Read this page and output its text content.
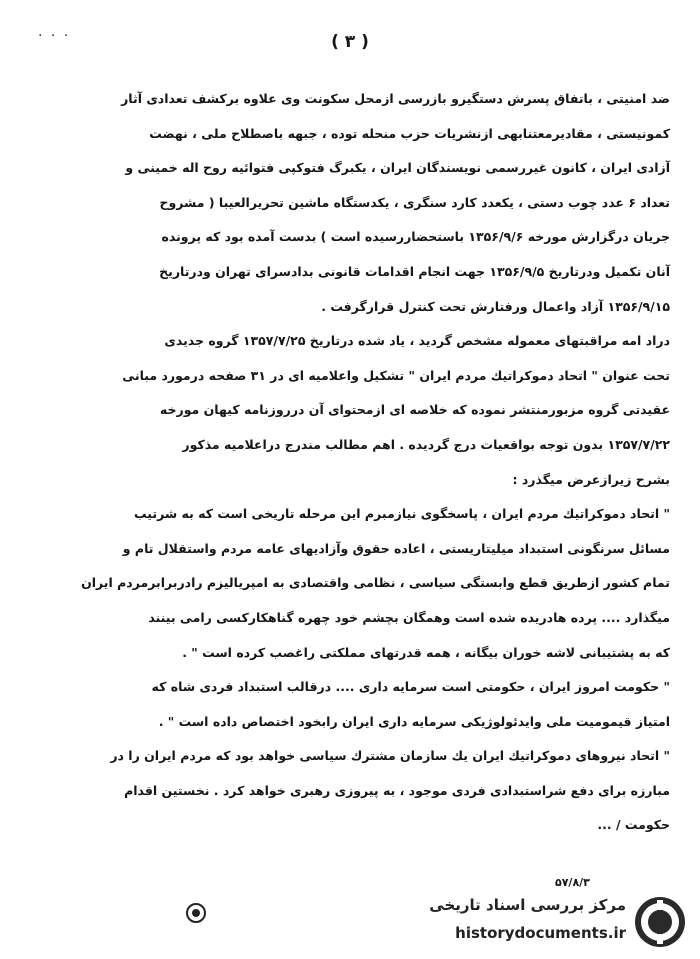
. . .	( ۳ )

ضد امنیتی ، باتفاق پسرش دستگیرو بازرسی ازمحل سکونت وی علاوه برکشف تعدادی آثار

کمونیستی ، مقادیرمعتنابهی ازنشریات حزب منحله توده ، جبهه باصطلاح ملی ، نهضت

آزادی ایران ، کانون غیررسمی نویسندگان ایران ، یکبرگ فتوکپی فتوائیه روح اله خمینی و

تعداد ۶ عدد چوب دستی ، یکعدد کارد سنگری ، یکدستگاه ماشین تحریرالعیبا ( مشروح

جریان درگزارش مورخه ۱۳۵۶/۹/۶ باستحضاررسیده است ) بدست آمده بود که پرونده

آنان تکمیل ودرتاریخ ۱۳۵۶/۹/۵ جهت انجام اقدامات قانونی بدادسرای تهران ودرتاریخ

۱۳۵۶/۹/۱۵ آزاد واعمال ورفتارش تحت کنترل قرارگرفت .

دراد امه مراقبتهای معموله مشخص گردید ، یاد شده درتاریخ ۱۳۵۷/۷/۲۵ گروه جدیدی

تحت عنوان " اتحاد دموکراتیك مردم ایران " تشکیل واعلامیه ای در ۳۱ صفحه درمورد مبانی

عقیدتی گروه مزبورمنتشر نموده که خلاصه ای ازمحتوای آن درروزنامه کیهان مورخه

۱۳۵۷/۷/۲۲ بدون توجه بواقعیات درج گردیده . اهم مطالب مندرج دراعلامیه مذکور

بشرح زیرازعرض میگذرد :

" اتحاد دموکراتیك مردم ایران ، پاسخگوی نیازمبرم این مرحله تاریخی است که به شرتیب

مسائل سرنگونی استبداد میلیتاریستی ، اعاده حقوق وآزادیهای عامه مردم واستقلال تام و

تمام کشور ازطریق قطع وابستگی سیاسی ، نظامی واقتصادی به امپریالیزم رادربرابرمردم ایران

میگذارد .... پرده هادریده شده است وهمگان بچشم خود چهره گناهکارکسی رامی بینند

که به پشتیبانی لاشه خوران بیگانه ، همه قدرتهای مملکتی راغصب کرده است " .

" حکومت امروز ایران ، حکومتی است سرمایه داری .... درقالب استبداد فردی شاه که

امتیاز قیمومیت ملی وایدئولوژیکی سرمایه داری ایران رابخود اختصاص داده است " .

" اتحاد نیروهای دموکراتیك ایران یك سازمان مشترك سیاسی خواهد بود که مردم ایران را در

مبارزه برای دفع شراستبدادی فردی موجود ، به پیروزی رهبری خواهد کرد . نخستین اقدام

حکومت / ...

۵۷/۸/۳
مرکز بررسی اسناد تاریخی
historydocuments.ir
